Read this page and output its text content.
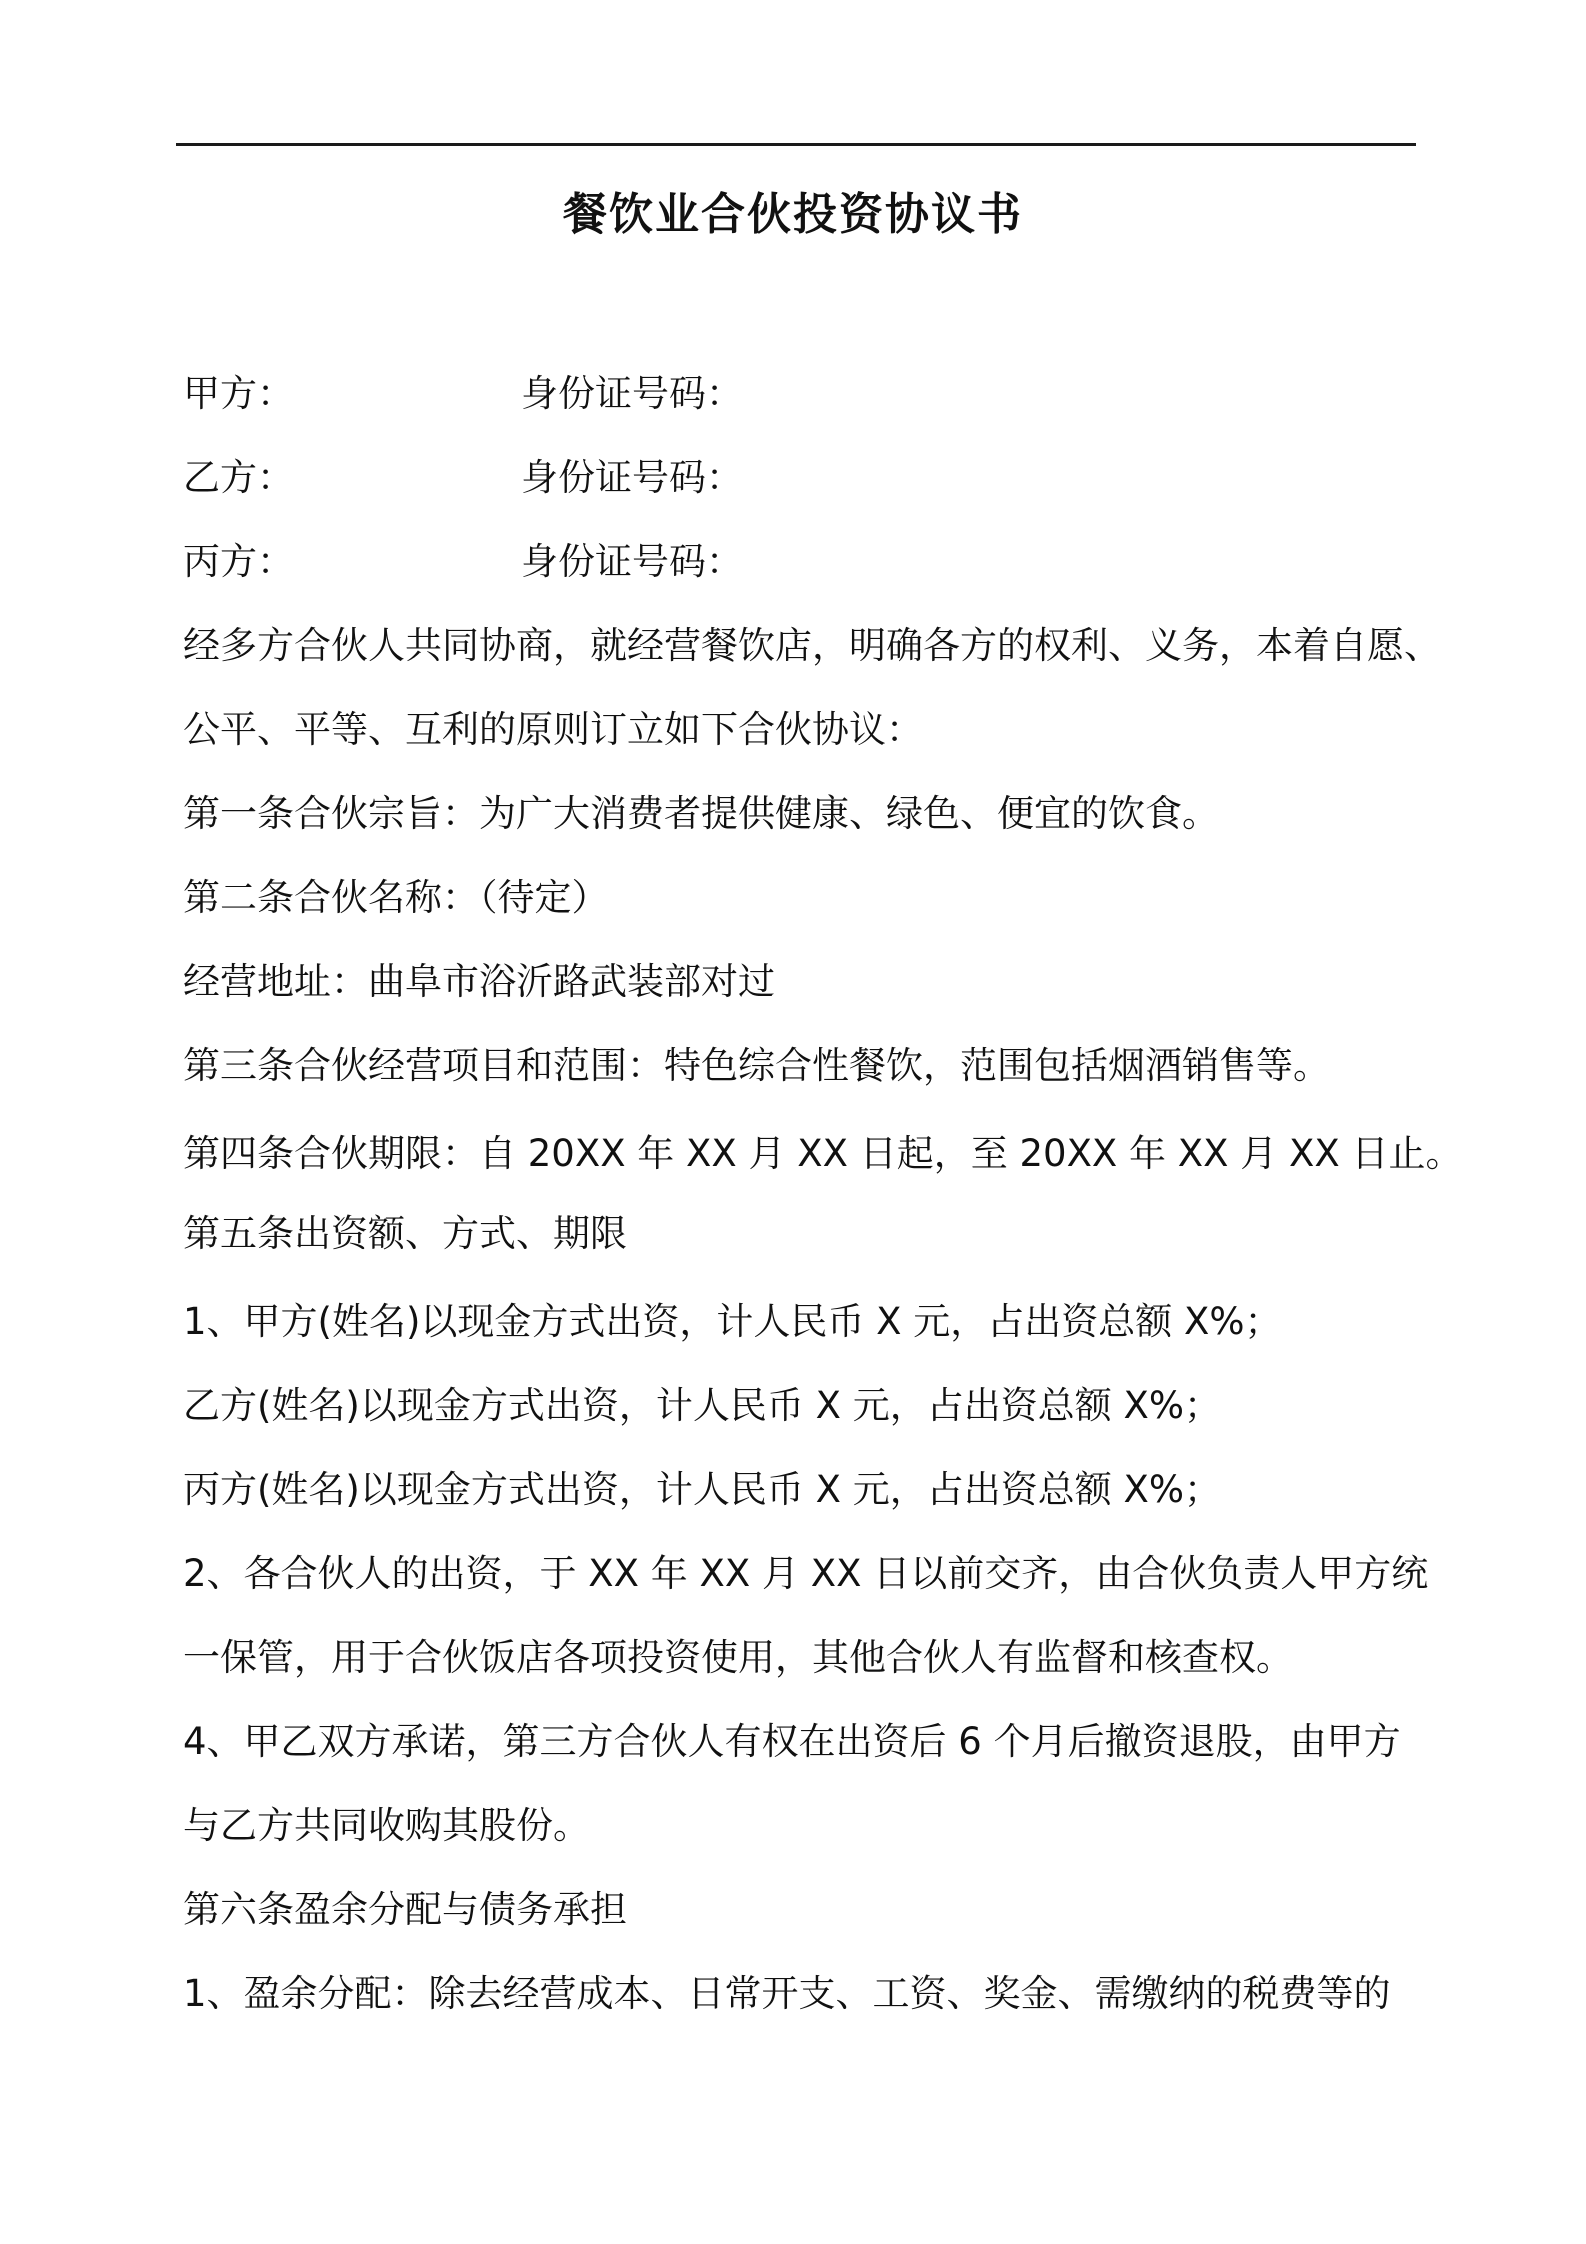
餐饮业合伙投资协议书
甲方：	身份证号码：
乙方：	身份证号码：
丙方：	身份证号码：
经多方合伙人共同协商，就经营餐饮店，明确各方的权利、义务，本着自愿、
公平、平等、互利的原则订立如下合伙协议：
第一条合伙宗旨：为广大消费者提供健康、绿色、便宜的饮食。
第二条合伙名称：（待定）
经营地址：曲阜市浴沂路武装部对过
第三条合伙经营项目和范围：特色综合性餐饮，范围包括烟酒销售等。
第四条合伙期限：自 20XX 年 XX 月 XX 日起，至 20XX 年 XX 月 XX 日止。
第五条出资额、方式、期限
1、甲方(姓名)以现金方式出资，计人民币 X 元，占出资总额 X%；
乙方(姓名)以现金方式出资，计人民币 X 元，占出资总额 X%；
丙方(姓名)以现金方式出资，计人民币 X 元，占出资总额 X%；
2、各合伙人的出资，于 XX 年 XX 月 XX 日以前交齐，由合伙负责人甲方统
一保管，用于合伙饭店各项投资使用，其他合伙人有监督和核查权。
4、甲乙双方承诺，第三方合伙人有权在出资后 6 个月后撤资退股，由甲方
与乙方共同收购其股份。
第六条盈余分配与债务承担
1、盈余分配：除去经营成本、日常开支、工资、奖金、需缴纳的税费等的
